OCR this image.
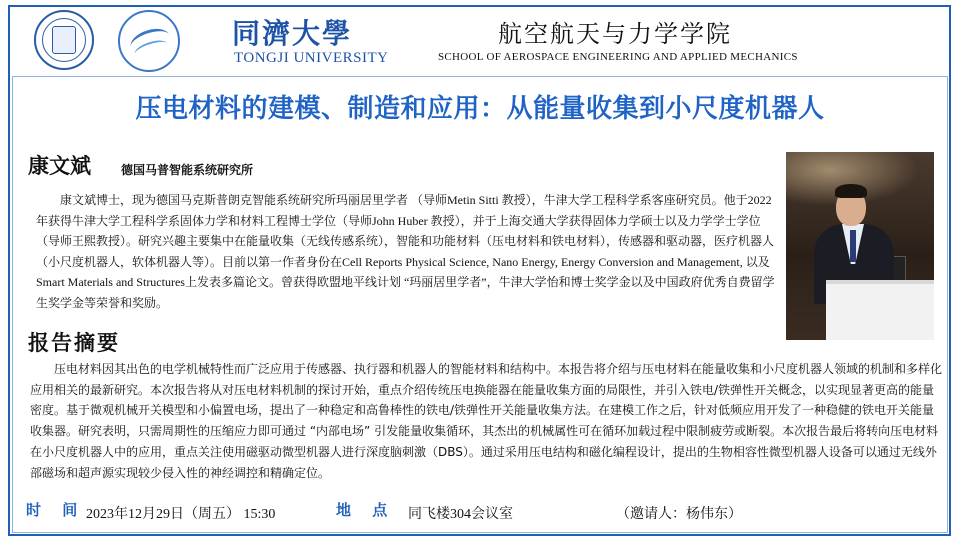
同濟大學
TONGJI UNIVERSITY
航空航天与力学学院
SCHOOL OF AEROSPACE ENGINEERING AND APPLIED MECHANICS
压电材料的建模、制造和应用：从能量收集到小尺度机器人
康文斌	德国马普智能系统研究所

康文斌博士，现为德国马克斯普朗克智能系统研究所玛丽居里学者 （导师Metin Sitti 教授），牛津大学工程科学系客座研究员。他于2022年获得牛津大学工程科学系固体力学和材料工程博士学位（导师John Huber 教授），并于上海交通大学获得固体力学硕士以及力学学士学位（导师王熙教授）。研究兴趣主要集中在能量收集（无线传感系统），智能和功能材料（压电材料和铁电材料），传感器和驱动器，医疗机器人（小尺度机器人，软体机器人等）。目前以第一作者身份在Cell Reports Physical Science, Nano Energy, Energy Conversion and Management, 以及Smart Materials and Structures上发表多篇论文。曾获得欧盟地平线计划 “玛丽居里学者”，牛津大学怡和博士奖学金以及中国政府优秀自费留学生奖学金等荣誉和奖励。

报告摘要

压电材料因其出色的电学机械特性而广泛应用于传感器、执行器和机器人的智能材料和结构中。本报告将介绍与压电材料在能量收集和小尺度机器人领域的机制和多样化应用相关的最新研究。本次报告将从对压电材料机制的探讨开始，重点介绍传统压电换能器在能量收集方面的局限性，并引入铁电/铁弹性开关概念，以实现显著更高的能量密度。基于微观机械开关模型和小偏置电场，提出了一种稳定和高鲁棒性的铁电/铁弹性开关能量收集方法。在建模工作之后，针对低频应用开发了一种稳健的铁电开关能量收集器。研究表明，只需周期性的压缩应力即可通过 “内部电场” 引发能量收集循环，其杰出的机械属性可在循环加载过程中限制疲劳或断裂。本次报告最后将转向压电材料在小尺度机器人中的应用，重点关注使用磁驱动微型机器人进行深度脑刺激（DBS）。通过采用压电结构和磁化编程设计，提出的生物相容性微型机器人设备可以通过无线外部磁场和超声源实现较少侵入性的神经调控和精确定位。

时 间 2023年12月29日（周五） 15:30	地 点 同飞楼304会议室	（邀请人：杨伟东）
